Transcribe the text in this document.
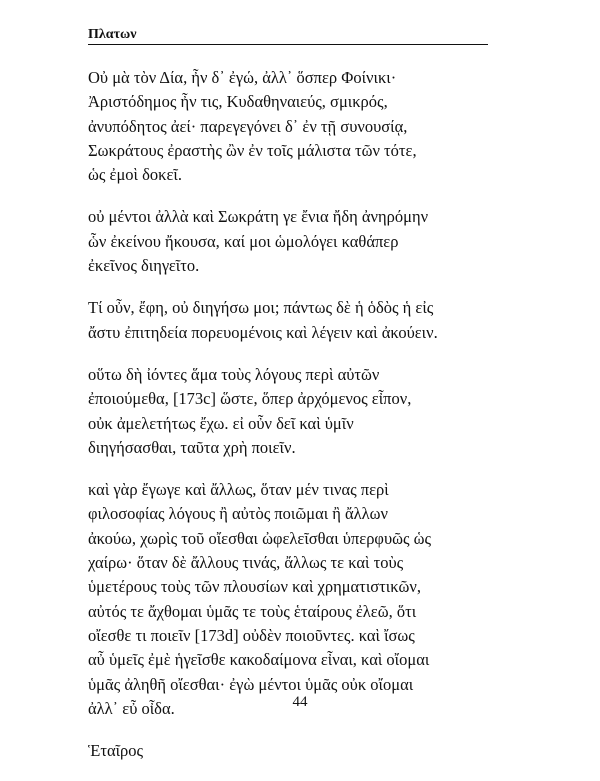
Πλατων

Οὐ μὰ τὸν Δία, ἦν δ᾽ ἐγώ, ἀλλ᾽ ὅσπερ Φοίνικι·
Ἀριστόδημος ἦν τις, Κυδαθηναιεύς, σμικρός,
ἀνυπόδητος ἀεί· παρεγεγόνει δ᾽ ἐν τῇ συνουσίᾳ,
Σωκράτους ἐραστὴς ὢν ἐν τοῖς μάλιστα τῶν τότε,
ὡς ἐμοὶ δοκεῖ.

οὐ μέντοι ἀλλὰ καὶ Σωκράτη γε ἔνια ἤδη ἀνηρόμην
ὧν ἐκείνου ἤκουσα, καί μοι ὡμολόγει καθάπερ
ἐκεῖνος διηγεῖτο.

Τί οὖν, ἔφη, οὐ διηγήσω μοι; πάντως δὲ ἡ ὁδὸς ἡ εἰς
ἄστυ ἐπιτηδεία πορευομένοις καὶ λέγειν καὶ ἀκούειν.

οὕτω δὴ ἰόντες ἅμα τοὺς λόγους περὶ αὐτῶν
ἐποιούμεθα, [173c] ὥστε, ὅπερ ἀρχόμενος εἶπον,
οὐκ ἀμελετήτως ἔχω. εἰ οὖν δεῖ καὶ ὑμῖν
διηγήσασθαι, ταῦτα χρὴ ποιεῖν.

καὶ γὰρ ἔγωγε καὶ ἄλλως, ὅταν μέν τινας περὶ
φιλοσοφίας λόγους ἢ αὐτὸς ποιῶμαι ἢ ἄλλων
ἀκούω, χωρὶς τοῦ οἴεσθαι ὠφελεῖσθαι ὑπερφυῶς ὡς
χαίρω· ὅταν δὲ ἄλλους τινάς, ἄλλως τε καὶ τοὺς
ὑμετέρους τοὺς τῶν πλουσίων καὶ χρηματιστικῶν,
αὐτός τε ἄχθομαι ὑμᾶς τε τοὺς ἑταίρους ἐλεῶ, ὅτι
οἴεσθε τι ποιεῖν [173d] οὐδὲν ποιοῦντες. καὶ ἴσως
αὖ ὑμεῖς ἐμὲ ἡγεῖσθε κακοδαίμονα εἶναι, καὶ οἴομαι
ὑμᾶς ἀληθῆ οἴεσθαι· ἐγὼ μέντοι ὑμᾶς οὐκ οἴομαι
ἀλλ᾽ εὖ οἶδα.

Ἑταῖρος

44
